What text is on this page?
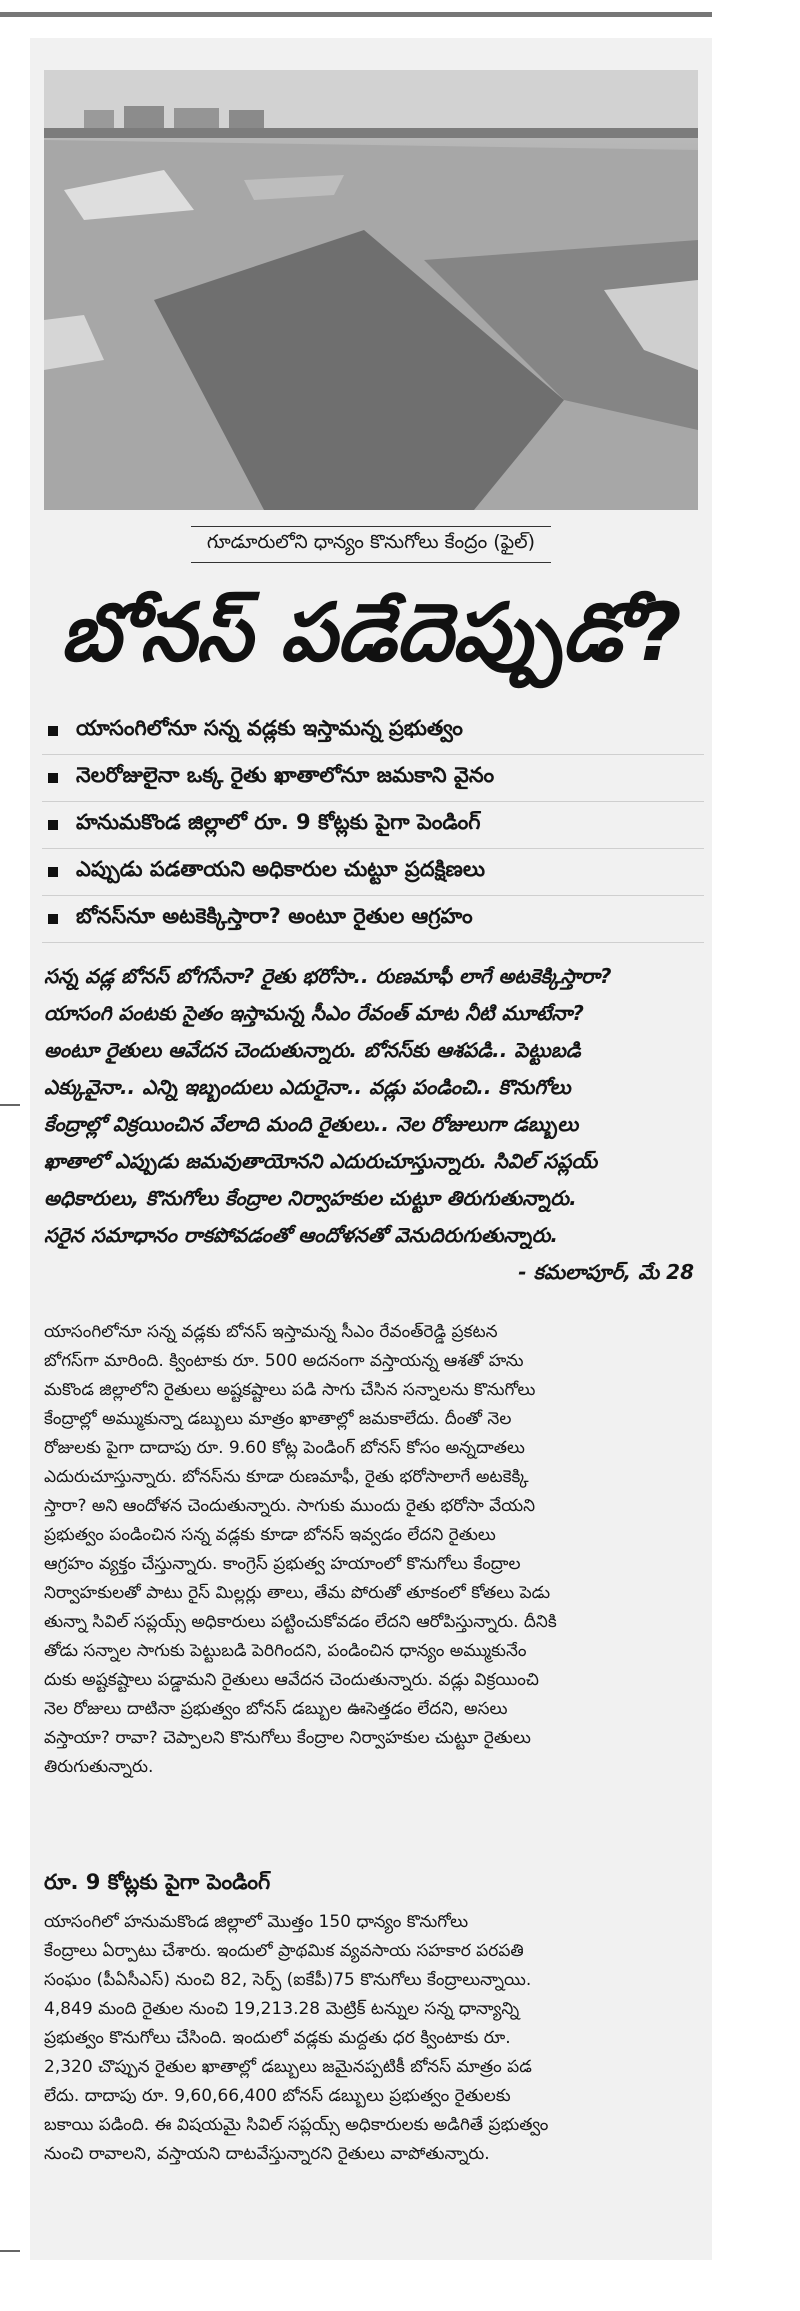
గూడూరులోని ధాన్యం కొనుగోలు కేంద్రం (ఫైల్)
బోనస్ పడేదెప్పుడో?
యాసంగిలోనూ సన్న వడ్లకు ఇస్తామన్న ప్రభుత్వం
నెలరోజులైనా ఒక్క రైతు ఖాతాలోనూ జమకాని వైనం
హనుమకొండ జిల్లాలో రూ. 9 కోట్లకు పైగా పెండింగ్
ఎప్పుడు పడతాయని అధికారుల చుట్టూ ప్రదక్షిణలు
బోనస్‌నూ అటకెక్కిస్తారా? అంటూ రైతుల ఆగ్రహం

సన్న వడ్ల బోనస్ బోగసేనా? రైతు భరోసా.. రుణమాఫీ లాగే అటకెక్కిస్తారా?

యాసంగి పంటకు సైతం ఇస్తామన్న సీఎం రేవంత్ మాట నీటి మూటేనా?

అంటూ రైతులు ఆవేదన చెందుతున్నారు. బోనస్‌కు ఆశపడి.. పెట్టుబడి

ఎక్కువైనా.. ఎన్ని ఇబ్బందులు ఎదురైనా.. వడ్లు పండించి.. కొనుగోలు

కేంద్రాల్లో విక్రయించిన వేలాది మంది రైతులు.. నెల రోజులుగా డబ్బులు

ఖాతాలో ఎప్పుడు జమవుతాయోనని ఎదురుచూస్తున్నారు. సివిల్ సప్లయ్

అధికారులు, కొనుగోలు కేంద్రాల నిర్వాహకుల చుట్టూ తిరుగుతున్నారు.

సరైన సమాధానం రాకపోవడంతో ఆందోళనతో వెనుదిరుగుతున్నారు.

- కమలాపూర్, మే 28

యాసంగిలోనూ సన్న వడ్లకు బోనస్ ఇస్తామన్న సీఎం రేవంత్‌రెడ్డి ప్రకటన

బోగస్‌గా మారింది. క్వింటాకు రూ. 500 అదనంగా వస్తాయన్న ఆశతో హను

మకొండ జిల్లాలోని రైతులు అష్టకష్టాలు పడి సాగు చేసిన సన్నాలను కొనుగోలు

కేంద్రాల్లో అమ్ముకున్నా డబ్బులు మాత్రం ఖాతాల్లో జమకాలేదు. దీంతో నెల

రోజులకు పైగా దాదాపు రూ. 9.60 కోట్ల పెండింగ్ బోనస్ కోసం అన్నదాతలు

ఎదురుచూస్తున్నారు. బోనస్‌ను కూడా రుణమాఫీ, రైతు భరోసాలాగే అటకెక్కి

స్తారా? అని ఆందోళన చెందుతున్నారు. సాగుకు ముందు రైతు భరోసా వేయని

ప్రభుత్వం పండించిన సన్న వడ్లకు కూడా బోనస్ ఇవ్వడం లేదని రైతులు

ఆగ్రహం వ్యక్తం చేస్తున్నారు. కాంగ్రెస్ ప్రభుత్వ హయాంలో కొనుగోలు కేంద్రాల

నిర్వాహకులతో పాటు రైస్ మిల్లర్లు తాలు, తేమ పోరుతో తూకంలో కోతలు పెడు

తున్నా సివిల్ సప్లయ్స్ అధికారులు పట్టించుకోవడం లేదని ఆరోపిస్తున్నారు. దీనికి

తోడు సన్నాల సాగుకు పెట్టుబడి పెరిగిందని, పండించిన ధాన్యం అమ్ముకునేం

దుకు అష్టకష్టాలు పడ్డామని రైతులు ఆవేదన చెందుతున్నారు. వడ్లు విక్రయించి

నెల రోజులు దాటినా ప్రభుత్వం బోనస్ డబ్బుల ఊసెత్తడం లేదని, అసలు

వస్తాయా? రావా? చెప్పాలని కొనుగోలు కేంద్రాల నిర్వాహకుల చుట్టూ రైతులు

తిరుగుతున్నారు.

రూ. 9 కోట్లకు పైగా పెండింగ్

యాసంగిలో హనుమకొండ జిల్లాలో మొత్తం 150 ధాన్యం కొనుగోలు

కేంద్రాలు ఏర్పాటు చేశారు. ఇందులో ప్రాథమిక వ్యవసాయ సహకార పరపతి

సంఘం (పీఏసీఎస్) నుంచి 82, సెర్ప్ (ఐకేపీ)75 కొనుగోలు కేంద్రాలున్నాయి.

4,849 మంది రైతుల నుంచి 19,213.28 మెట్రిక్ టన్నుల సన్న ధాన్యాన్ని

ప్రభుత్వం కొనుగోలు చేసింది. ఇందులో వడ్లకు మద్దతు ధర క్వింటాకు రూ.

2,320 చొప్పున రైతుల ఖాతాల్లో డబ్బులు జమైనప్పటికీ బోనస్ మాత్రం పడ

లేదు. దాదాపు రూ. 9,60,66,400 బోనస్ డబ్బులు ప్రభుత్వం రైతులకు

బకాయి పడింది. ఈ విషయమై సివిల్ సప్లయ్స్ అధికారులకు అడిగితే ప్రభుత్వం

నుంచి రావాలని, వస్తాయని దాటవేస్తున్నారని రైతులు వాపోతున్నారు.
